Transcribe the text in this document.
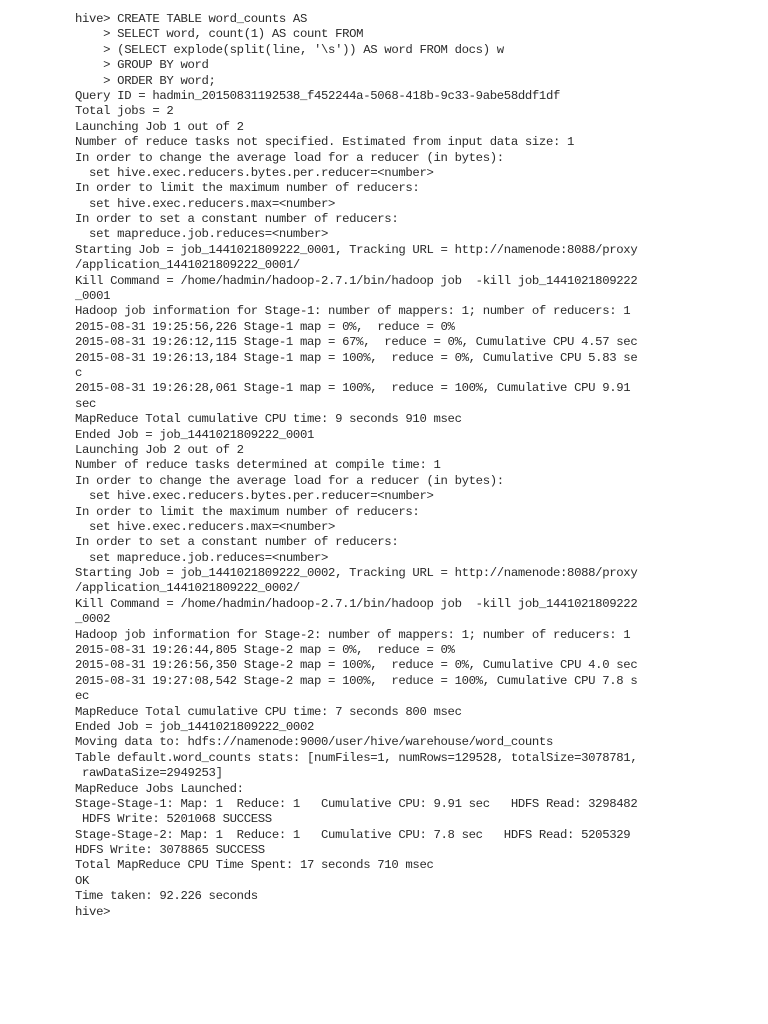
hive> CREATE TABLE word_counts AS
> SELECT word, count(1) AS count FROM
> (SELECT explode(split(line, '\s')) AS word FROM docs) w
> GROUP BY word
> ORDER BY word;
Query ID = hadmin_20150831192538_f452244a-5068-418b-9c33-9abe58ddf1df
Total jobs = 2
Launching Job 1 out of 2
Number of reduce tasks not specified. Estimated from input data size: 1
In order to change the average load for a reducer (in bytes):
set hive.exec.reducers.bytes.per.reducer=<number>
In order to limit the maximum number of reducers:
set hive.exec.reducers.max=<number>
In order to set a constant number of reducers:
set mapreduce.job.reduces=<number>
Starting Job = job_1441021809222_0001, Tracking URL = http://namenode:8088/proxy
/application_1441021809222_0001/
Kill Command = /home/hadmin/hadoop-2.7.1/bin/hadoop job  -kill job_1441021809222
_0001
Hadoop job information for Stage-1: number of mappers: 1; number of reducers: 1
2015-08-31 19:25:56,226 Stage-1 map = 0%,  reduce = 0%
2015-08-31 19:26:12,115 Stage-1 map = 67%,  reduce = 0%, Cumulative CPU 4.57 sec
2015-08-31 19:26:13,184 Stage-1 map = 100%,  reduce = 0%, Cumulative CPU 5.83 se
c
2015-08-31 19:26:28,061 Stage-1 map = 100%,  reduce = 100%, Cumulative CPU 9.91
sec
MapReduce Total cumulative CPU time: 9 seconds 910 msec
Ended Job = job_1441021809222_0001
Launching Job 2 out of 2
Number of reduce tasks determined at compile time: 1
In order to change the average load for a reducer (in bytes):
set hive.exec.reducers.bytes.per.reducer=<number>
In order to limit the maximum number of reducers:
set hive.exec.reducers.max=<number>
In order to set a constant number of reducers:
set mapreduce.job.reduces=<number>
Starting Job = job_1441021809222_0002, Tracking URL = http://namenode:8088/proxy
/application_1441021809222_0002/
Kill Command = /home/hadmin/hadoop-2.7.1/bin/hadoop job  -kill job_1441021809222
_0002
Hadoop job information for Stage-2: number of mappers: 1; number of reducers: 1
2015-08-31 19:26:44,805 Stage-2 map = 0%,  reduce = 0%
2015-08-31 19:26:56,350 Stage-2 map = 100%,  reduce = 0%, Cumulative CPU 4.0 sec
2015-08-31 19:27:08,542 Stage-2 map = 100%,  reduce = 100%, Cumulative CPU 7.8 s
ec
MapReduce Total cumulative CPU time: 7 seconds 800 msec
Ended Job = job_1441021809222_0002
Moving data to: hdfs://namenode:9000/user/hive/warehouse/word_counts
Table default.word_counts stats: [numFiles=1, numRows=129528, totalSize=3078781,
rawDataSize=2949253]
MapReduce Jobs Launched:
Stage-Stage-1: Map: 1  Reduce: 1   Cumulative CPU: 9.91 sec   HDFS Read: 3298482
HDFS Write: 5201068 SUCCESS
Stage-Stage-2: Map: 1  Reduce: 1   Cumulative CPU: 7.8 sec   HDFS Read: 5205329
HDFS Write: 3078865 SUCCESS
Total MapReduce CPU Time Spent: 17 seconds 710 msec
OK
Time taken: 92.226 seconds
hive>
